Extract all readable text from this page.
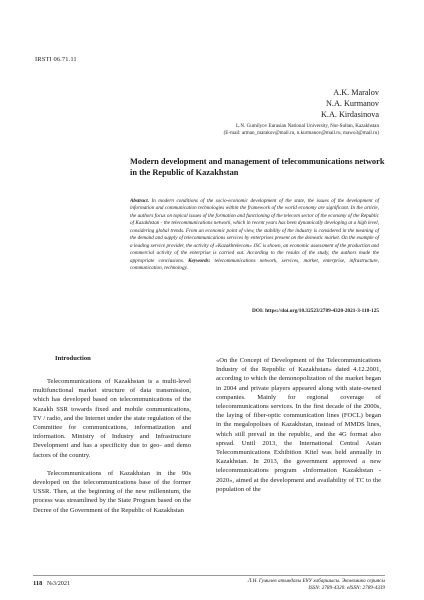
IRSTI 06.71.11
A.K. Maralov
N.A. Kurmanov
K.A. Kirdasinova
L.N. Gumilyov Eurasian National University, Nur-Sultan, Kazakhstan
(E-mail: arman_marakov@mail.ru, n.kurmanov@mail.ru, mawo3@mail.ru)
Modern development and management of telecommunications network in the Republic of Kazakhstan
Abstract. In modern conditions of the socio-economic development of the state, the issues of the development of information and communication technologies within the framework of the world economy are significant. In the article, the authors focus on topical issues of the formation and functioning of the telecom sector of the economy of the Republic of Kazakhstan - the telecommunications network, which in recent years has been dynamically developing at a high level, considering global trends. From an economic point of view, the stability of the industry is considered in the meaning of the demand and supply of telecommunications services by enterprises present on the domestic market. On the example of a leading service provider, the activity of «Kazakhtelecom» JSC is shown, an economic assessment of the production and commercial activity of the enterprise is carried out. According to the results of the study, the authors made the appropriate conclusions. Keywords: telecommunications network, services, market, enterprise, infrastructure, communication, technology.
DOI: https://doi.org/10.32523/2789-4320-2021-3-118-125
Introduction

Telecommunications of Kazakhstan is a multi-level multifunctional market structure of data transmission, which has developed based on telecommunications of the Kazakh SSR towards fixed and mobile communications, TV / radio, and the Internet under the state regulation of the Committee for communications, informatization and information. Ministry of Industry and Infrastructure Development and has a specificity due to geo- and demo factors of the country.

Telecommunications of Kazakhstan in the 90s developed on the telecommunications base of the former USSR. Then, at the beginning of the new millennium, the process was streamlined by the State Program based on the Decree of the Government of the Republic of Kazakhstan

«On the Concept of Development of the Telecommunications Industry of the Republic of Kazakhstan» dated 4.12.2001, according to which the demonopolization of the market began in 2004 and private players appeared along with state-owned companies. Mainly for regional coverage of telecommunications services. In the first decade of the 2000s, the laying of fiber-optic communication lines (FOCL) began in the megalopolises of Kazakhstan, instead of MMDS lines, which still prevail in the republic, and the 4G format also spread. Until 2013, the International Central Asian Telecommunications Exhibition Kitel was held annually in Kazakhstan. In 2013, the government approved a new telecommunications program «Information Kazakhstan - 2020», aimed at the development and availability of TC to the population of the

118 №3/2021	Л.Н. Гумилев атындағы ЕҰУ хабаршысы. Экономика сериясы
ISSN: 2789-4320. eISSN: 2789-4339
